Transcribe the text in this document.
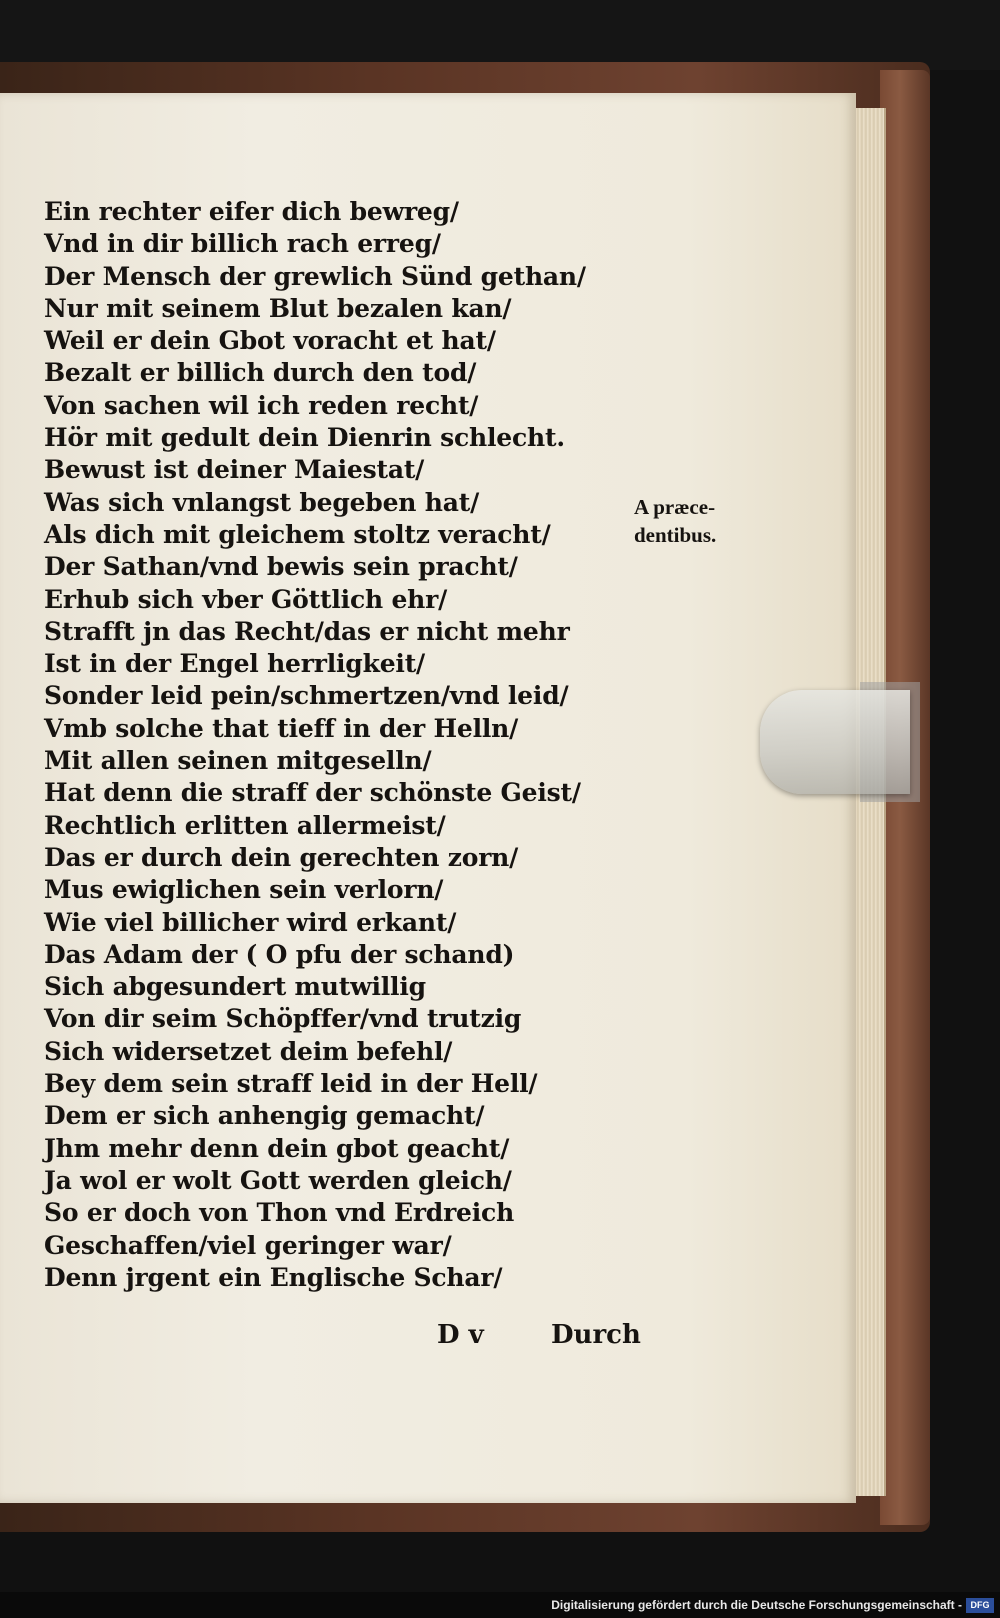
Ein rechter eifer dich bewreg/
Vnd in dir billich rach erreg/
Der Mensch der grewlich Sünd gethan/
Nur mit seinem Blut bezalen kan/
Weil er dein Gbot voracht et hat/
Bezalt er billich durch den tod/
Von sachen wil ich reden recht/
Hör mit gedult dein Dienrin schlecht.
Bewust ist deiner Maiestat/
Was sich vnlangst begeben hat/
Als dich mit gleichem stoltz veracht/
Der Sathan/vnd bewis sein pracht/
Erhub sich vber Göttlich ehr/
Strafft jn das Recht/das er nicht mehr
Ist in der Engel herrligkeit/
Sonder leid pein/schmertzen/vnd leid/
Vmb solche that tieff in der Helln/
Mit allen seinen mitgeselln/
Hat denn die straff der schönste Geist/
Rechtlich erlitten allermeist/
Das er durch dein gerechten zorn/
Mus ewiglichen sein verlorn/
Wie viel billicher wird erkant/
Das Adam der ( O pfu der schand)
Sich abgesundert mutwillig
Von dir seim Schöpffer/vnd trutzig
Sich widersetzet deim befehl/
Bey dem sein straff leid in der Hell/
Dem er sich anhengig gemacht/
Jhm mehr denn dein gbot geacht/
Ja wol er wolt Gott werden gleich/
So er doch von Thon vnd Erdreich
Geschaffen/viel geringer war/
Denn jrgent ein Englische Schar/
A præce-
dentibus.
D v	Durch
Digitalisierung gefördert durch die Deutsche Forschungsgemeinschaft - DFG
